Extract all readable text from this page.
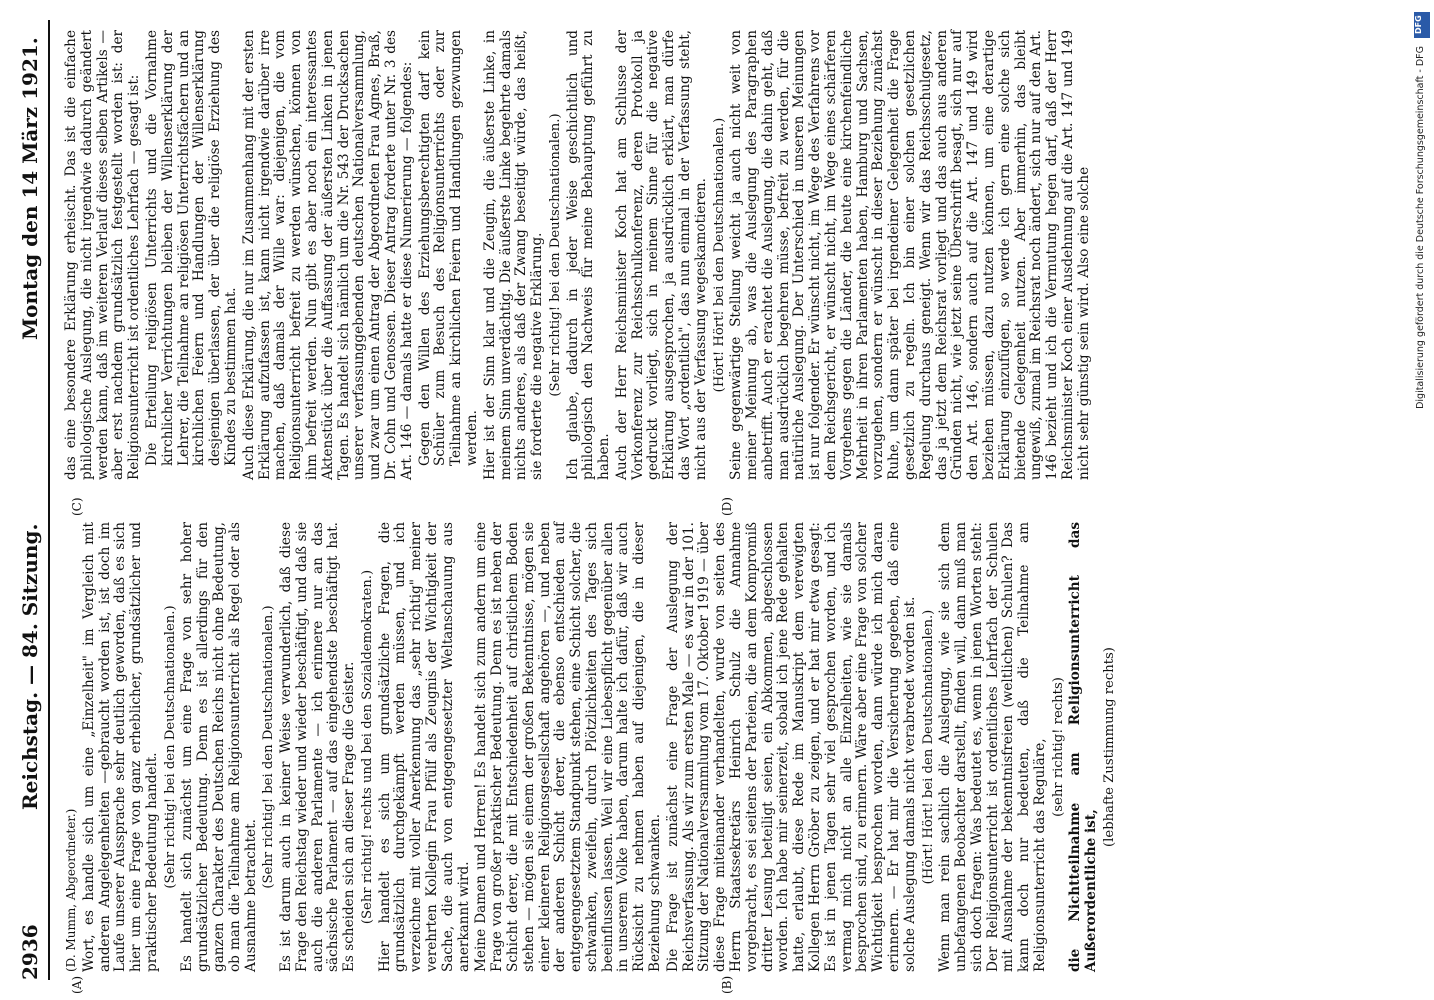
(D. Mumm, Abgeordneter.) Wort, es handle sich um eine „Einzelheit" im Vergleich mit anderen Angelegenheiten —gebraucht worden ist, ist doch im Laufe unserer Aussprache sehr deutlich geworden, daß es sich hier um eine Frage von ganz erheblicher, grundsätzlicher und praktischer Bedeutung handelt. (Sehr richtig! bei den Deutschnationalen.) Es handelt sich zunächst um eine Frage von sehr hoher grundsätzlicher Bedeutung. Denn es ist allerdings für den ganzen Charakter des Deutschen Reichs nicht ohne Bedeutung, ob man die Teilnahme am Religionsunterricht als Regel oder als Ausnahme betrachtet.

(Sehr richtig! bei den Deutschnationalen.) Es ist darum auch in keiner Weise verwunderlich, daß diese Frage den Reichstag wieder und wieder beschäftigt, und daß sie auch die anderen Parlamente — ich erinnere nur an das sächsische Parlament — auf das eingehendste beschäftigt hat. Es scheiden sich an dieser Frage die Geister. (Sehr richtig! rechts und bei den Sozialdemokraten.) Hier handelt es sich um grundsätzliche Fragen, die grundsätzlich durchgekämpft werden müssen, und ich verzeichne mit voller Anerkennung das „sehr richtig" meiner verehrten Kollegin Frau Pfülf als Zeugnis der Wichtigkeit der Sache, die auch von entgegengesetzter Weltanschauung aus anerkannt wird. Meine Damen und Herren! Es handelt sich zum andern um eine Frage von großer praktischer Bedeutung. Denn es ist neben der Schicht derer, die mit Entschiedenheit auf christlichem Boden stehen — mögen sie einem der großen Bekenntnisse, mögen sie einer kleineren Religionsgesellschaft angehören —, und neben der anderen Schicht derer, die ebenso entschieden auf entgegengesetztem Standpunkt stehen, eine Schicht solcher, die schwanken, zweifeln, durch Plötzlichkeiten des Tages sich beeinflussen lassen. Weil wir eine Liebespflicht gegenüber allen in unserem Volke haben, darum halte ich dafür, daß wir auch Rücksicht zu nehmen haben auf diejenigen, die in dieser Beziehung schwanken. Die Frage ist zunächst eine Frage der Auslegung der Reichsverfassung. Als wir zum ersten Male — es war in der 101. Sitzung der Nationalversammlung vom 17. Oktober 1919 — über diese Frage miteinander verhandelten, wurde von seiten des Herrn Staatssekretärs Heinrich Schulz die Annahme vorgebracht, es sei seitens der Parteien, die an dem Kompromiß dritter Lesung beteiligt seien, ein Abkommen, abgeschlossen worden. Ich habe mir seinerzeit, sobald ich jene Rede gehalten hatte, erlaubt, diese Rede im Manuskript dem verewigten Kollegen Herrn Gröber zu zeigen, und er hat mir etwa gesagt: Es ist in jenen Tagen sehr viel gesprochen worden, und ich vermag mich nicht an alle Einzelheiten, wie sie damals besprochen sind, zu erinnern. Wäre aber eine Frage von solcher Wichtigkeit besprochen worden, dann würde ich mich daran erinnern. — Er hat mir die Versicherung gegeben, daß eine solche Auslegung damals nicht verabredet worden ist. (Hört! Hört! bei den Deutschnationalen.) Wenn man rein sachlich die Auslegung, wie sie sich dem unbefangenen Beobachter darstellt, finden will, dann muß man sich doch fragen: Was bedeutet es, wenn in jenen Worten steht: Der Religionsunterricht ist ordentliches Lehrfach der Schulen mit Ausnahme der bekenntnisfreien (weltlichen) Schulen? Das kann doch nur bedeuten, daß die Teilnahme am Religionsunterricht das Reguläre, (sehr richtig! rechts) die Nichtteilnahme am Religionsunterricht das Außerordentliche ist,

(lebhafte Zustimmung rechts)

das eine besondere Erklärung erheischt. Das ist die einfache philologische Auslegung, die nicht irgendwie dadurch geändert werden kann, daß im weiteren Verlauf dieses selben Artikels — aber erst nachdem grundsätzlich festgestellt worden ist: der Religionsunterricht ist ordentliches Lehrfach — gesagt ist: Die Erteilung religiösen Unterrichts und die Vornahme kirchlicher Verrichtungen bleiben der Willenserklärung der Lehrer, die Teilnahme an religiösen Unterrichtsfächern und an kirchlichen Feiern und Handlungen der Willenserklärung desjenigen überlassen, der über die religiöse Erziehung des Kindes zu bestimmen hat. Auch diese Erklärung, die nur im Zusammenhang mit der ersten Erklärung aufzufassen ist, kann nicht irgendwie darüber irre machen, daß damals der Wille war: diejenigen, die vom Religionsunterricht befreit zu werden wünschen, können von ihm befreit werden. Nun gibt es aber noch ein interessantes Aktenstück über die Auffassung der äußersten Linken in jenen Tagen. Es handelt sich nämlich um die Nr. 543 der Drucksachen unserer verfassunggebenden deutschen Nationalversammlung, und zwar um einen Antrag der Abgeordneten Frau Agnes, Braß, Dr. Cohn und Genossen. Dieser Antrag forderte unter Nr. 3 des Art. 146 — damals hatte er diese Numerierung — folgendes: Gegen den Willen des Erziehungsberechtigten darf kein Schüler zum Besuch des Religionsunterrichts oder zur Teilnahme an kirchlichen Feiern und Handlungen gezwungen werden. Hier ist der Sinn klar und die Zeugin, die äußerste Linke, in meinem Sinn unverdächtig. Die äußerste Linke begehrte damals nichts anderes, als daß der Zwang beseitigt würde, das heißt, sie forderte die negative Erklärung. (Sehr richtig! bei den Deutschnationalen.) Ich glaube, dadurch in jeder Weise geschichtlich und philologisch den Nachweis für meine Behauptung geführt zu haben. Auch der Herr Reichsminister Koch hat am Schlusse der Vorkonferenz zur Reichsschulkonferenz, deren Protokoll ja gedruckt vorliegt, sich in meinem Sinne für die negative Erklärung ausgesprochen, ja ausdrücklich erklärt, man dürfe das Wort „ordentlich", das nun einmal in der Verfassung steht, nicht aus der Verfassung wegeskamotieren. (Hört! Hört! bei den Deutschnationalen.) Seine gegenwärtige Stellung weicht ja auch nicht weit von meiner Meinung ab, was die Auslegung des Paragraphen anbetrifft. Auch er erachtet die Auslegung, die dahin geht, daß man ausdrücklich begehren müsse, befreit zu werden, für die natürliche Auslegung. Der Unterschied in unseren Meinungen ist nur folgender. Er wünscht nicht, im Wege des Verfahrens vor dem Reichsgericht, er wünscht nicht, im Wege eines schärferen Vorgehens gegen die Länder, die heute eine kirchenfeindliche Mehrheit in ihren Parlamenten haben, Hamburg und Sachsen, vorzugehen, sondern er wünscht in dieser Beziehung zunächst Ruhe, um dann später bei irgendeiner Gelegenheit die Frage gesetzlich zu regeln. Ich bin einer solchen gesetzlichen Regelung durchaus geneigt. Wenn wir das Reichsschulgesetz, das ja jetzt dem Reichsrat vorliegt und das auch aus anderen Gründen nicht, wie jetzt seine Überschrift besagt, sich nur auf den Art. 146, sondern auch auf die Art. 147 und 149 wird beziehen müssen, dazu nutzen können, um eine derartige Erklärung einzufügen, so werde ich gern eine solche sich bietende Gelegenheit nutzen. Aber immerhin, das bleibt ungewiß, zumal im Reichsrat noch ändert, sich nur auf den Art. 146 bezieht und ich die Vermutung hegen darf, daß der Herr Reichsminister Koch einer Ausdehnung auf die Art. 147 und 149 nicht sehr günstig sein wird. Also eine solche

2936
Reichstag. — 84. Sitzung.
Montag den 14 März 1921.
(A)	(B)
(C)	(D)
DFG
Digitalisierung gefördert durch die Deutsche Forschungsgemeinschaft - DFG
